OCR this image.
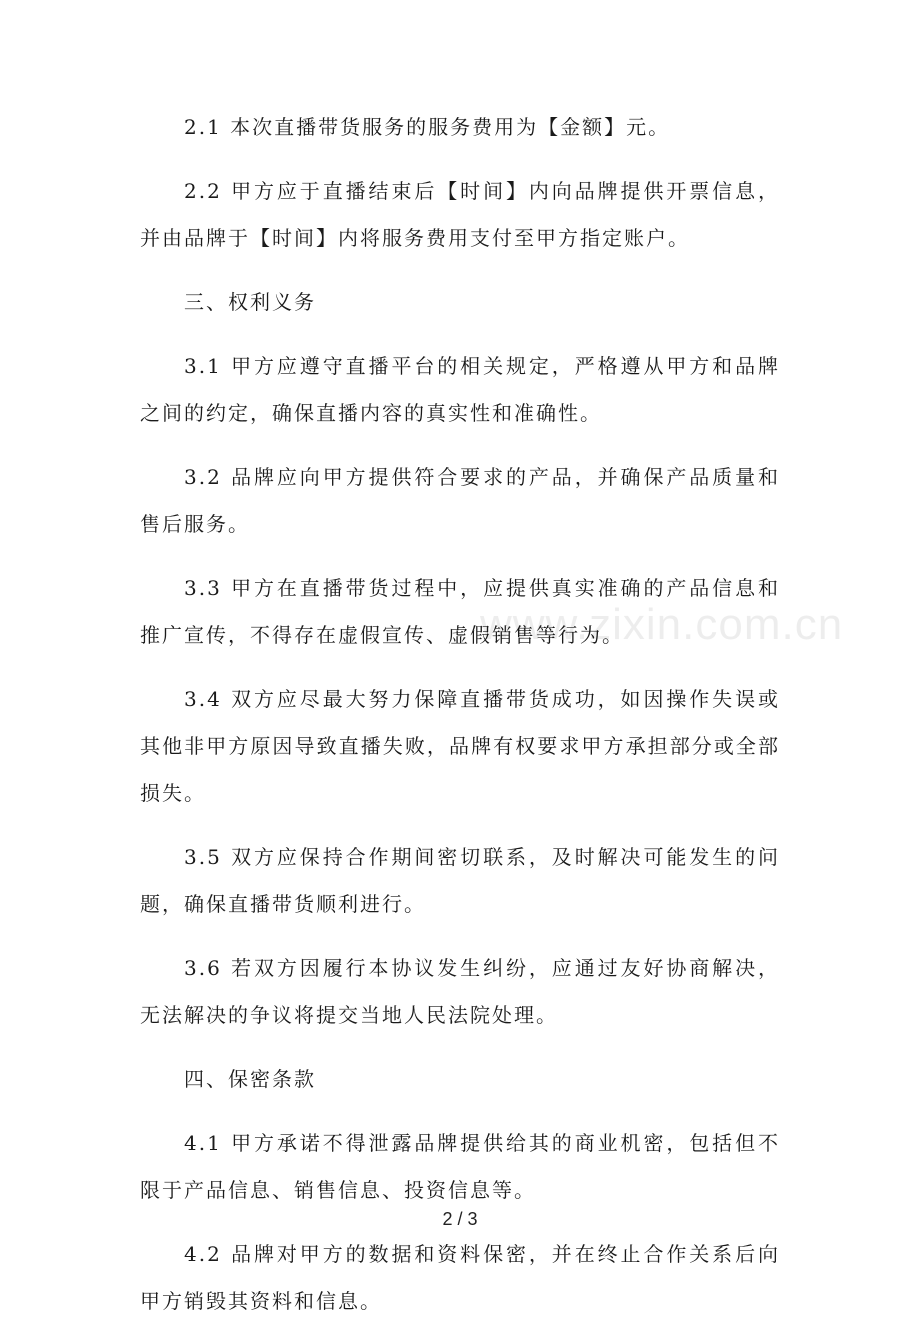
2.1 本次直播带货服务的服务费用为【金额】元。

2.2 甲方应于直播结束后【时间】内向品牌提供开票信息，并由品牌于【时间】内将服务费用支付至甲方指定账户。

三、权利义务

3.1 甲方应遵守直播平台的相关规定，严格遵从甲方和品牌之间的约定，确保直播内容的真实性和准确性。

3.2 品牌应向甲方提供符合要求的产品，并确保产品质量和售后服务。

3.3 甲方在直播带货过程中，应提供真实准确的产品信息和推广宣传，不得存在虚假宣传、虚假销售等行为。

3.4 双方应尽最大努力保障直播带货成功，如因操作失误或其他非甲方原因导致直播失败，品牌有权要求甲方承担部分或全部损失。

3.5 双方应保持合作期间密切联系，及时解决可能发生的问题，确保直播带货顺利进行。

3.6 若双方因履行本协议发生纠纷，应通过友好协商解决，无法解决的争议将提交当地人民法院处理。

四、保密条款

4.1 甲方承诺不得泄露品牌提供给其的商业机密，包括但不限于产品信息、销售信息、投资信息等。

4.2 品牌对甲方的数据和资料保密，并在终止合作关系后向甲方销毁其资料和信息。

www.zixin.com.cn
2 / 3
